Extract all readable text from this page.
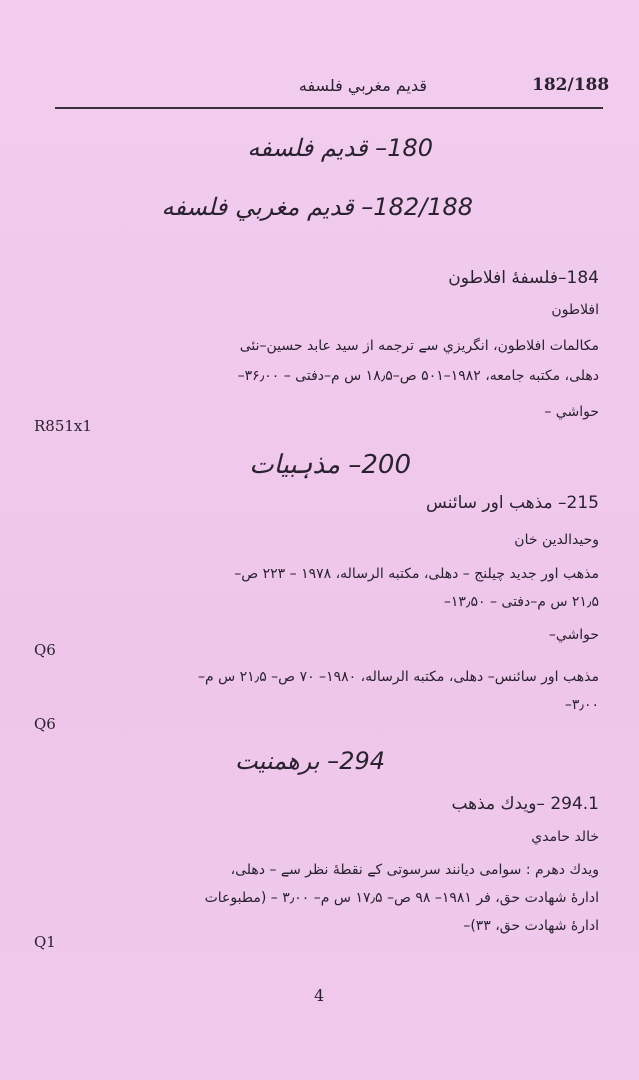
قديم مغربي فلسفه	182/188
180– قديم فلسفه
182/188– قديم مغربي فلسفه
184–فلسفهٔ افلاطون
افلاطون
مكالمات افلاطون، انگريزي سے ترجمه از سيد عابد حسين–نئى
دهلى، مكتبه جامعه، ۱۹۸۲–۵۰۱ ص–۱۸٫۵ س م–دفتى – ۳۶٫۰۰–
حواشي –
R851x1
200– مذہبیات
215– مذهب اور سائنس
وحيدالدين خان
مذهب اور جديد چيلنج – دهلى، مكتبه الرساله، ۱۹۷۸ – ۲۲۳ ص–
۲۱٫۵ س م–دفتى – ۱۳٫۵۰–
حواشي–
Q6
مذهب اور سائنس– دهلى، مكتبه الرساله، ۱۹۸۰– ۷۰ ص– ۲۱٫۵ س م–
۳٫۰۰–
Q6
294– برهمنيت
294.1 –ويدك مذهب
خالد حامدي
ويدك دهرم : سوامى ديانند سرسوتى كے نقطهٔ نظر سے – دهلى،
ادارهٔ شهادت حق، فر ۱۹۸۱– ۹۸ ص– ۱۷٫۵ س م– ۳٫۰۰ – (مطبوعات
ادارهٔ شهادت حق، ۳۳)–
Q1
4
